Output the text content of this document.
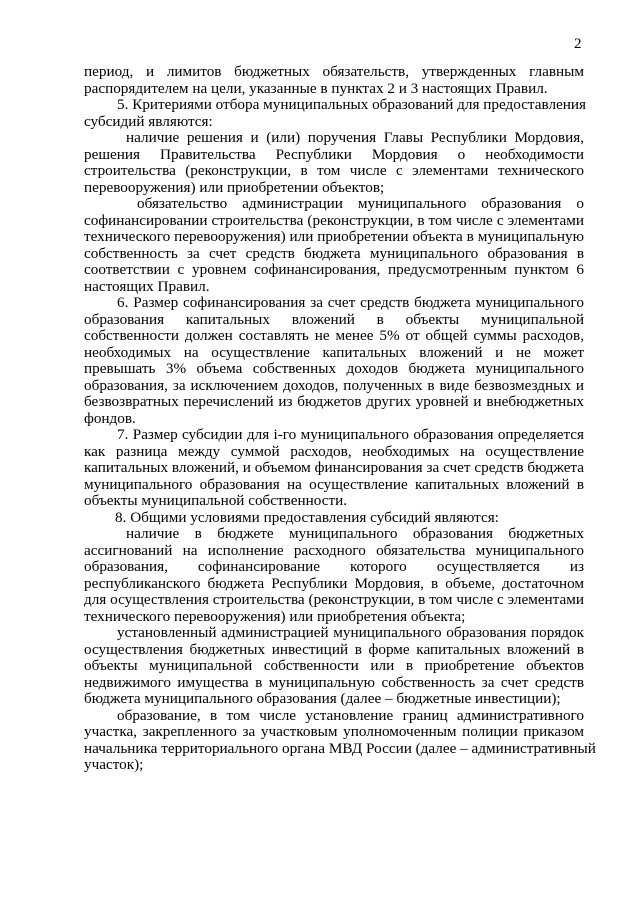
2
период, и лимитов бюджетных обязательств, утвержденных главным
распорядителем на цели, указанные в пунктах 2 и 3 настоящих Правил.
5. Критериями отбора муниципальных образований для предоставления
субсидий являются:
наличие решения и (или) поручения Главы Республики Мордовия,
решения Правительства Республики Мордовия о необходимости
строительства (реконструкции, в том числе с элементами технического
перевооружения) или приобретении объектов;
обязательство администрации муниципального образования о
софинансировании строительства (реконструкции, в том числе с элементами
технического перевооружения) или приобретении объекта в муниципальную
собственность за счет средств бюджета муниципального образования в
соответствии с уровнем софинансирования, предусмотренным пунктом 6
настоящих Правил.
6. Размер софинансирования за счет средств бюджета муниципального
образования капитальных вложений в объекты муниципальной
собственности должен составлять не менее 5% от общей суммы расходов,
необходимых на осуществление капитальных вложений и не может
превышать 3% объема собственных доходов бюджета муниципального
образования, за исключением доходов, полученных в виде безвозмездных и
безвозвратных перечислений из бюджетов других уровней и внебюджетных
фондов.
7. Размер субсидии для i-го муниципального образования определяется
как разница между суммой расходов, необходимых на осуществление
капитальных вложений, и объемом финансирования за счет средств бюджета
муниципального образования на осуществление капитальных вложений в
объекты муниципальной собственности.
8. Общими условиями предоставления субсидий являются:
наличие в бюджете муниципального образования бюджетных
ассигнований на исполнение расходного обязательства муниципального
образования, софинансирование которого осуществляется из
республиканского бюджета Республики Мордовия, в объеме, достаточном
для осуществления строительства (реконструкции, в том числе с элементами
технического перевооружения) или приобретения объекта;
установленный администрацией муниципального образования порядок
осуществления бюджетных инвестиций в форме капитальных вложений в
объекты муниципальной собственности или в приобретение объектов
недвижимого имущества в муниципальную собственность за счет средств
бюджета муниципального образования (далее – бюджетные инвестиции);
образование, в том числе установление границ административного
участка, закрепленного за участковым уполномоченным полиции приказом
начальника территориального органа МВД России (далее – административный
участок);
